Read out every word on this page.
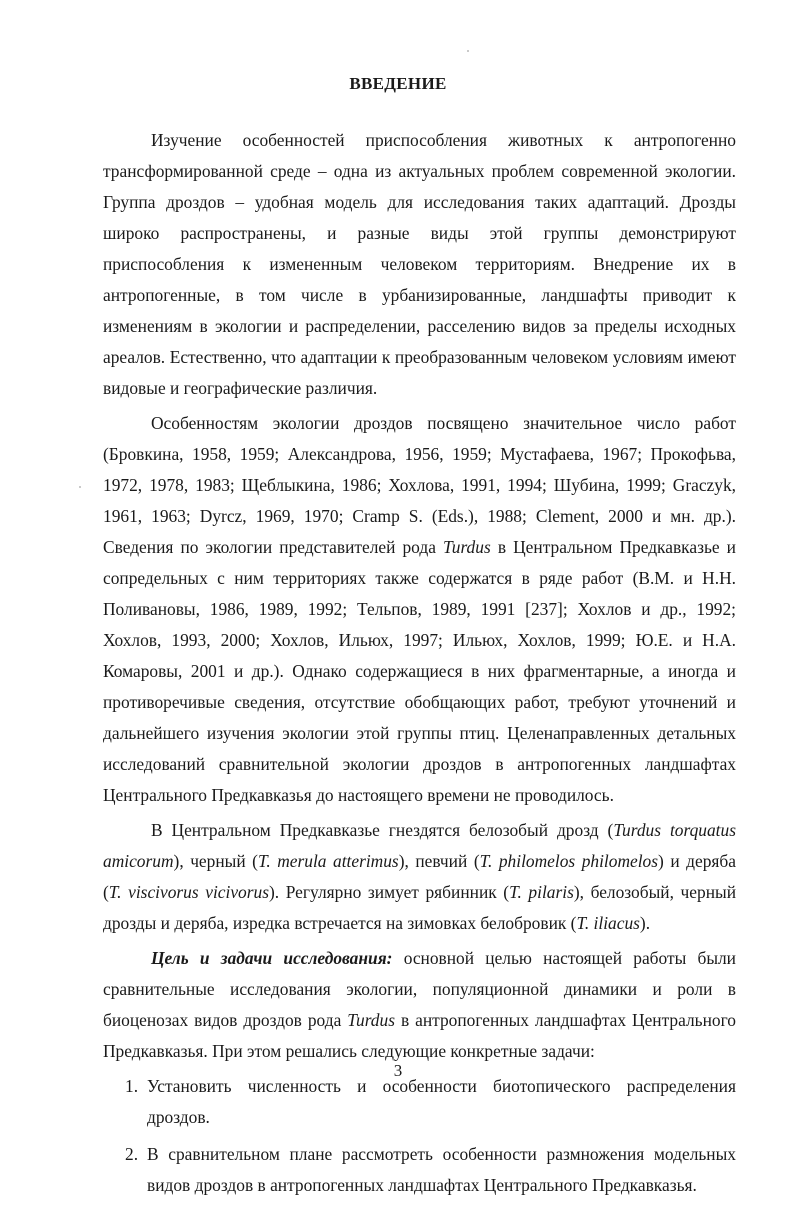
ВВЕДЕНИЕ

Изучение особенностей приспособления животных к антропогенно трансформированной среде – одна из актуальных проблем современной экологии. Группа дроздов – удобная модель для исследования таких адаптаций. Дрозды широко распространены, и разные виды этой группы демонстрируют приспособления к измененным человеком территориям. Внедрение их в антропогенные, в том числе в урбанизированные, ландшафты приводит к изменениям в экологии и распределении, расселению видов за пределы исходных ареалов. Естественно, что адаптации к преобразованным человеком условиям имеют видовые и географические различия.

Особенностям экологии дроздов посвящено значительное число работ (Бровкина, 1958, 1959; Александрова, 1956, 1959; Мустафаева, 1967; Прокофьва, 1972, 1978, 1983; Щеблыкина, 1986; Хохлова, 1991, 1994; Шубина, 1999; Graczyk, 1961, 1963; Dyrcz, 1969, 1970; Cramp S. (Eds.), 1988; Clement, 2000 и мн. др.). Сведения по экологии представителей рода Turdus в Центральном Предкавказье и сопредельных с ним территориях также содержатся в ряде работ (В.М. и Н.Н. Поливановы, 1986, 1989, 1992; Тельпов, 1989, 1991 [237]; Хохлов и др., 1992; Хохлов, 1993, 2000; Хохлов, Ильюх, 1997; Ильюх, Хохлов, 1999; Ю.Е. и Н.А. Комаровы, 2001 и др.). Однако содержащиеся в них фрагментарные, а иногда и противоречивые сведения, отсутствие обобщающих работ, требуют уточнений и дальнейшего изучения экологии этой группы птиц. Целенаправленных детальных исследований сравнительной экологии дроздов в антропогенных ландшафтах Центрального Предкавказья до настоящего времени не проводилось.

В Центральном Предкавказье гнездятся белозобый дрозд (Turdus torquatus amicorum), черный (T. merula atterimus), певчий (T. philomelos philomelos) и деряба (T. viscivorus vicivorus). Регулярно зимует рябинник (T. pilaris), белозобый, черный дрозды и деряба, изредка встречается на зимовках белобровик (T. iliacus).

Цель и задачи исследования: основной целью настоящей работы были сравнительные исследования экологии, популяционной динамики и роли в биоценозах видов дроздов рода Turdus в антропогенных ландшафтах Центрального Предкавказья. При этом решались следующие конкретные задачи:

1. Установить численность и особенности биотопического распределения дроздов.
2. В сравнительном плане рассмотреть особенности размножения модельных видов дроздов в антропогенных ландшафтах Центрального Предкавказья.
3
